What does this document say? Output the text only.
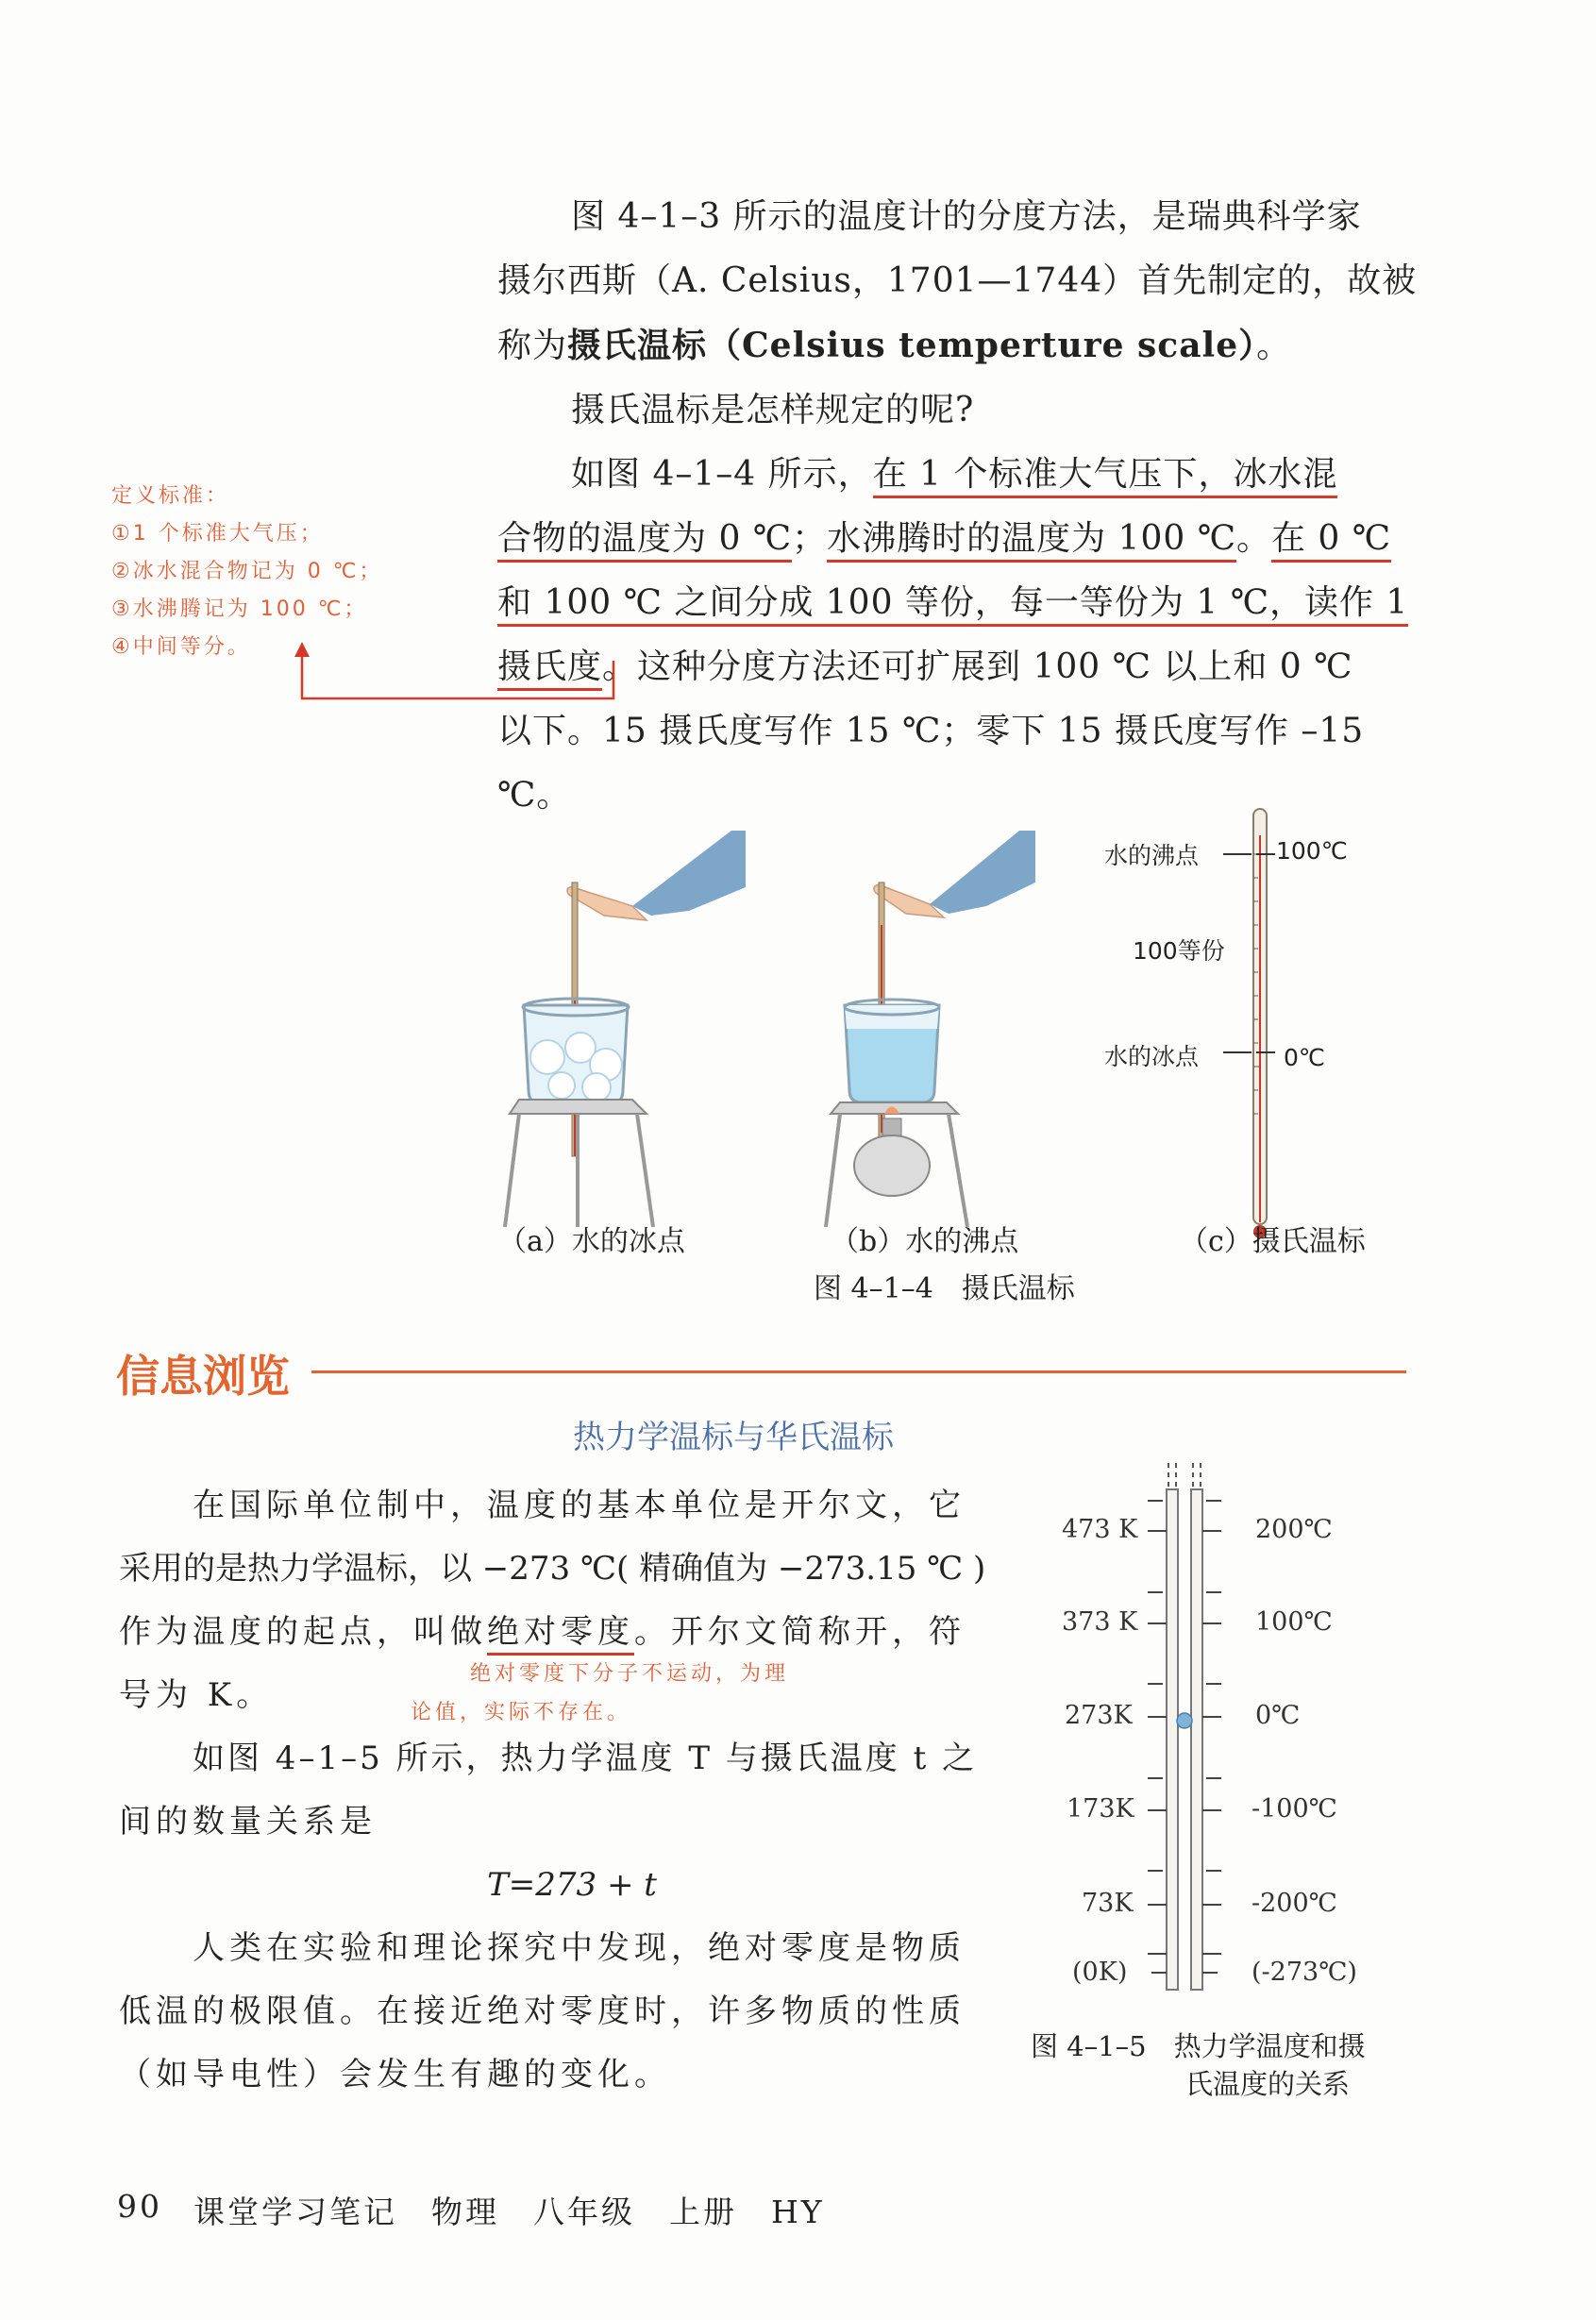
图 4–1–3 所示的温度计的分度方法，是瑞典科学家

摄尔西斯（A. Celsius，1701—1744）首先制定的，故被

称为摄氏温标（Celsius temperture scale）。

摄氏温标是怎样规定的呢?

如图 4–1–4 所示，在 1 个标准大气压下，冰水混

合物的温度为 0 ℃；水沸腾时的温度为 100 ℃。在 0 ℃

和 100 ℃ 之间分成 100 等份，每一等份为 1 ℃，读作 1

摄氏度。这种分度方法还可扩展到 100 ℃ 以上和 0 ℃

以下。15 摄氏度写作 15 ℃；零下 15 摄氏度写作 –15 ℃。

定义标准：
①1 个标准大气压；
②冰水混合物记为 0 ℃；
③水沸腾记为 100 ℃；
④中间等分。
（a）水的冰点	（b）水的沸点
水的沸点	100℃
100等份
水的冰点	0℃
（c）摄氏温标
图 4–1–4　摄氏温标
信息浏览
热力学温标与华氏温标

在国际单位制中，温度的基本单位是开尔文，它

采用的是热力学温标，以 −273 ℃( 精确值为 −273.15 ℃ )

作为温度的起点，叫做绝对零度。开尔文简称开，符

号为 K。

如图 4–1–5 所示，热力学温度 T 与摄氏温度 t 之

间的数量关系是

T=273 + t

人类在实验和理论探究中发现，绝对零度是物质

低温的极限值。在接近绝对零度时，许多物质的性质

（如导电性）会发生有趣的变化。

绝对零度下分子不运动，为理
论值，实际不存在。
473 K
373 K
273K
173K
73K
(0K)
200℃
100℃
0℃
-100℃
-200℃
(-273℃)
图 4–1–5　热力学温度和摄
氏温度的关系
90 课堂学习笔记　物理　八年级　上册　HY
